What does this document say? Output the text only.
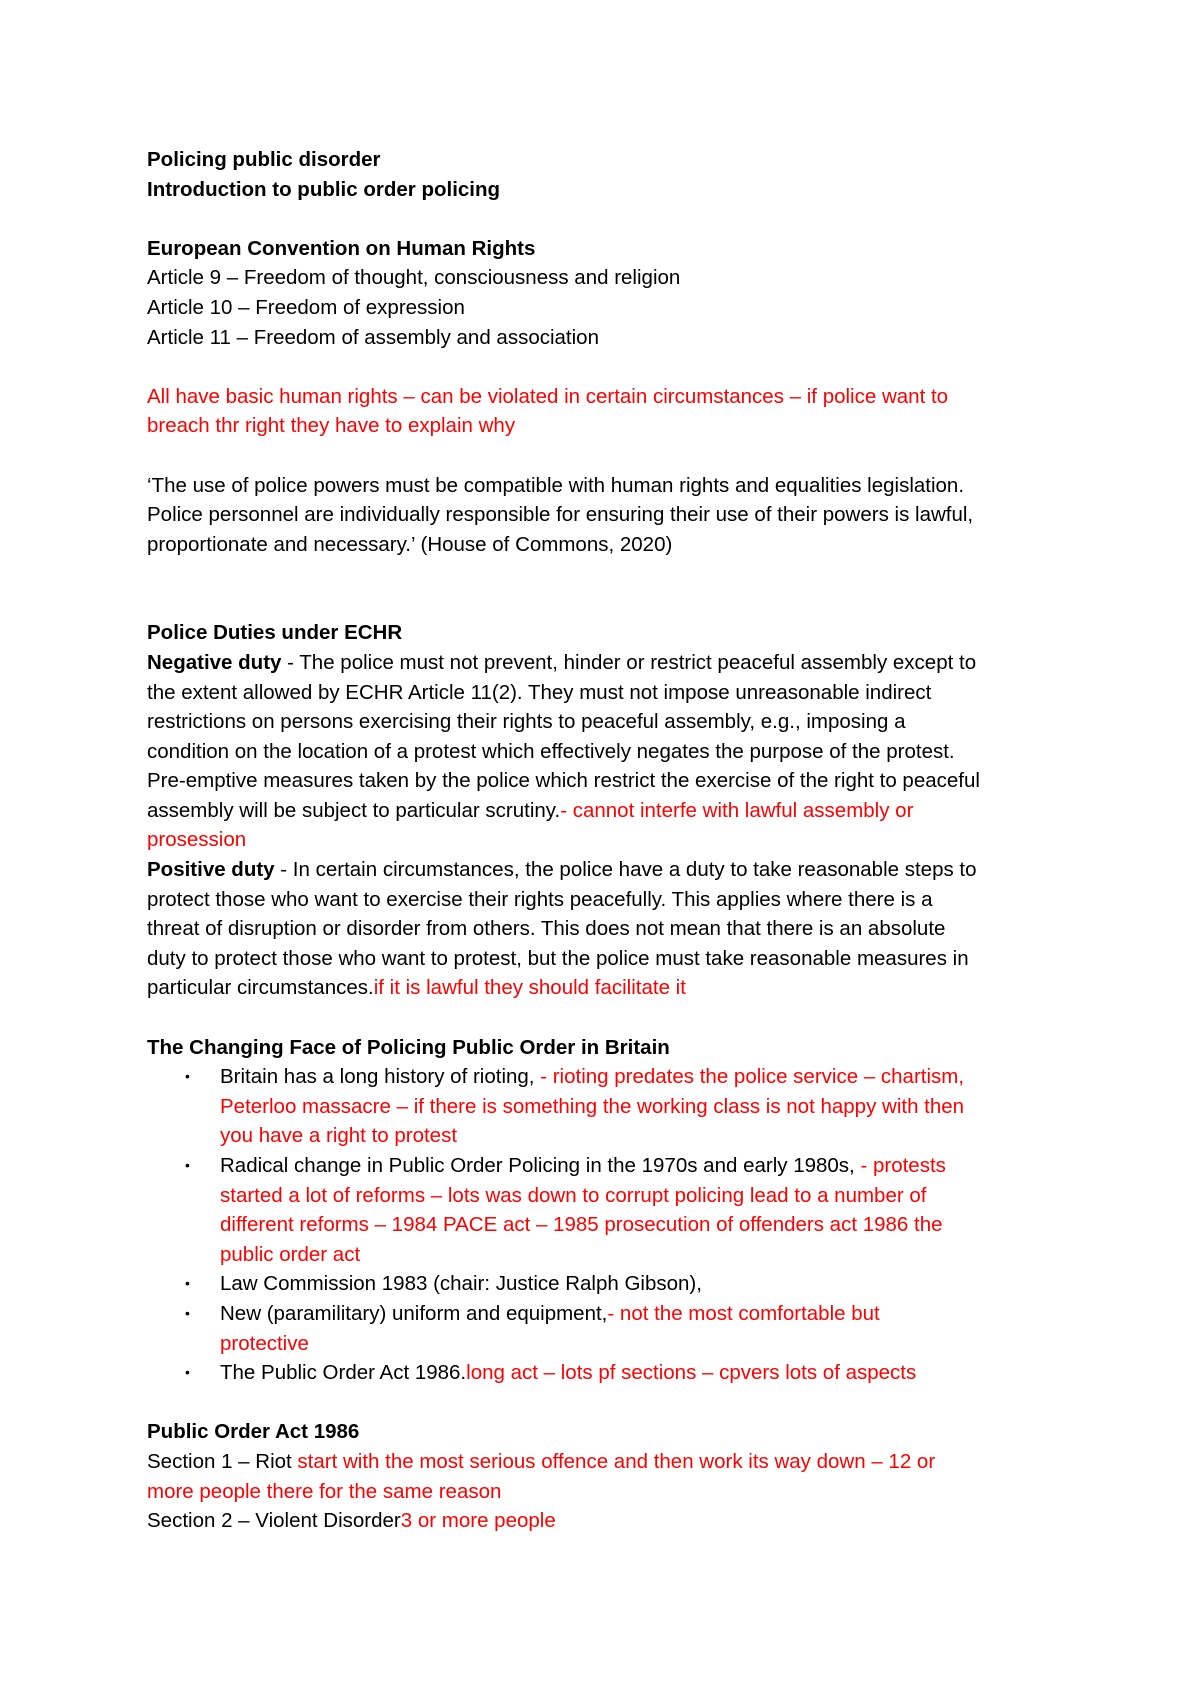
Policing public disorder
Introduction to public order policing
European Convention on Human Rights
Article 9 – Freedom of thought, consciousness and religion
Article 10 – Freedom of expression
Article 11 – Freedom of assembly and association
All have basic human rights – can be violated in certain circumstances – if police want to
breach thr right they have to explain why
‘The use of police powers must be compatible with human rights and equalities legislation.
Police personnel are individually responsible for ensuring their use of their powers is lawful,
proportionate and necessary.’ (House of Commons, 2020)
Police Duties under ECHR
Negative duty - The police must not prevent, hinder or restrict peaceful assembly except to
the extent allowed by ECHR Article 11(2). They must not impose unreasonable indirect
restrictions on persons exercising their rights to peaceful assembly, e.g., imposing a
condition on the location of a protest which effectively negates the purpose of the protest.
Pre-emptive measures taken by the police which restrict the exercise of the right to peaceful
assembly will be subject to particular scrutiny.- cannot interfe with lawful assembly or
prosession
Positive duty - In certain circumstances, the police have a duty to take reasonable steps to
protect those who want to exercise their rights peacefully. This applies where there is a
threat of disruption or disorder from others. This does not mean that there is an absolute
duty to protect those who want to protest, but the police must take reasonable measures in
particular circumstances.if it is lawful they should facilitate it
The Changing Face of Policing Public Order in Britain
• Britain has a long history of rioting, - rioting predates the police service – chartism,
Peterloo massacre – if there is something the working class is not happy with then
you have a right to protest
• Radical change in Public Order Policing in the 1970s and early 1980s, - protests
started a lot of reforms – lots was down to corrupt policing lead to a number of
different reforms – 1984 PACE act – 1985 prosecution of offenders act 1986 the
public order act
• Law Commission 1983 (chair: Justice Ralph Gibson),
• New (paramilitary) uniform and equipment,- not the most comfortable but
protective
• The Public Order Act 1986.long act – lots pf sections – cpvers lots of aspects
Public Order Act 1986
Section 1 – Riot start with the most serious offence and then work its way down – 12 or
more people there for the same reason
Section 2 – Violent Disorder3 or more people
